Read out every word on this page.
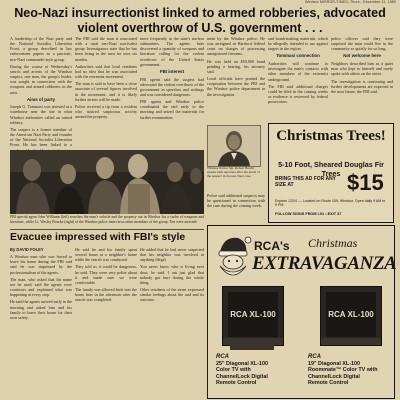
Windsor MIRROR-TIMES, Thurs., December 11, 1980
Neo-Nazi insurrectionist linked to armed robberies, advocated violent overthrow of U.S. government . . .

A leadership of the Nazi party and the National Socialist Liberation Front, a group described in law enforcement papers as a patriotic, neo-Nazi commando-style group.

During the course of Wednesday's search and arrests of the Windsor suspect, one man, the group's leader, was sought in connection with the weapons and armed robberies in the area.

Aims of party

Joseph G. Tommasi was arrested at a warehouse near the site in what Windsor authorities called an armed robbery.

The suspect is a former member of the American Nazi Party and founder of the National Socialist Liberation Front. He has been linked to a

The FBI said the man is associated with a rural neo-Nazi survivalist group. Investigators state that he has been living in the area for over six months.

Authorities said that local residents had no idea that he was associated with the extremist movement.

The man is said to have been a close associate of several figures involved in the movement, and it is likely further arrests will be made.

Police received a tip from a resident who noticed suspicious activity around the property.

more frequently in the state's nuclear submarines. The agents later discovered a quantity of weapons and literature calling for the violent overthrow of the United States government.

FBI interest

FBI agents said the suspect had advocated the violent overthrow of the government in speeches and writings and was considered dangerous.

FBI agents and Windsor police coordinated the raid early in the morning and seized the materials for further examination.

ment by the Windsor police. He was arraigned in Hartford federal court on charges of possessing unregistered firearms.

He was held on $50,000 bond pending a hearing, his attorney said.

Local officials have praised the cooperation between the FBI and the Windsor police department in the investigation.

and bomb-making materials, which he allegedly intended to use against targets in the region.

Tommasi connection

Authorities will continue to investigate the man's contacts with other members of the extremist underground.

The FBI said additional charges could be filed in the coming weeks as evidence is reviewed by federal prosecutors.

police officers said they were surprised the man could live in the community so quietly for so long.

Not welcome here

Neighbors described him as a quiet man who kept to himself and rarely spoke with others on the street.

The investigation is continuing and further developments are expected in the near future, the FBI said.

FBI special agent John Williams (left) searches the man's vehicle and the property out in Windsor for a cache of weapons and literature, while Lt. Wesley Bourke (right) of the Windsor police interviews other members of the group. Ten were arrested.
Evacuee impressed with FBI's style

By DAVID FOLEY

A Windsor man who was forced to leave his home during the FBI raid said he was impressed by the professionalism of the agents.

The man, who asked that his name not be used, said the agents were courteous and explained what was happening at every step.

He said the agents arrived early in the morning and asked him and his family to leave their house for their own safety.

He said he and his family spent several hours at a neighbor's home while the search was conducted.

They told us it could be dangerous, he said. They were very polite about it and made sure we were comfortable.

The family was allowed back into the home later in the afternoon after the search was completed.

He added that he had never suspected that his neighbor was involved in anything illegal.

You never know who is living next door, he said. I am just glad that nobody got hurt during the whole thing.

Other residents of the street expressed similar feelings about the raid and its outcome.

Windsor Police Sgt. Robert Hewitt speaks with reporters after the arrest of the suspect in the neo-Nazi case.

Police said additional suspects may be questioned in connection with the case during the coming week.

Christmas Trees!
5-10 Foot, Sheared Douglas Fir Trees
BRING THIS AD FOR ANY SIZE AT	$15
Expires 12/24 — Located on Route 159, Windsor. Open daily 9 AM to 9 PM.
FOLLOW SIGNS FROM I-91 • EXIT 37
RCA's Christmas
EXTRAVAGANZA
RCA XL-100	RCA XL-100
RCA
25" Diagonal XL-100
Color TV with
ChannelLock Digital
Remote Control
RCA
19" Diagonal XL-100
Roommate™ Color TV with
ChannelLock Digital
Remote Control
